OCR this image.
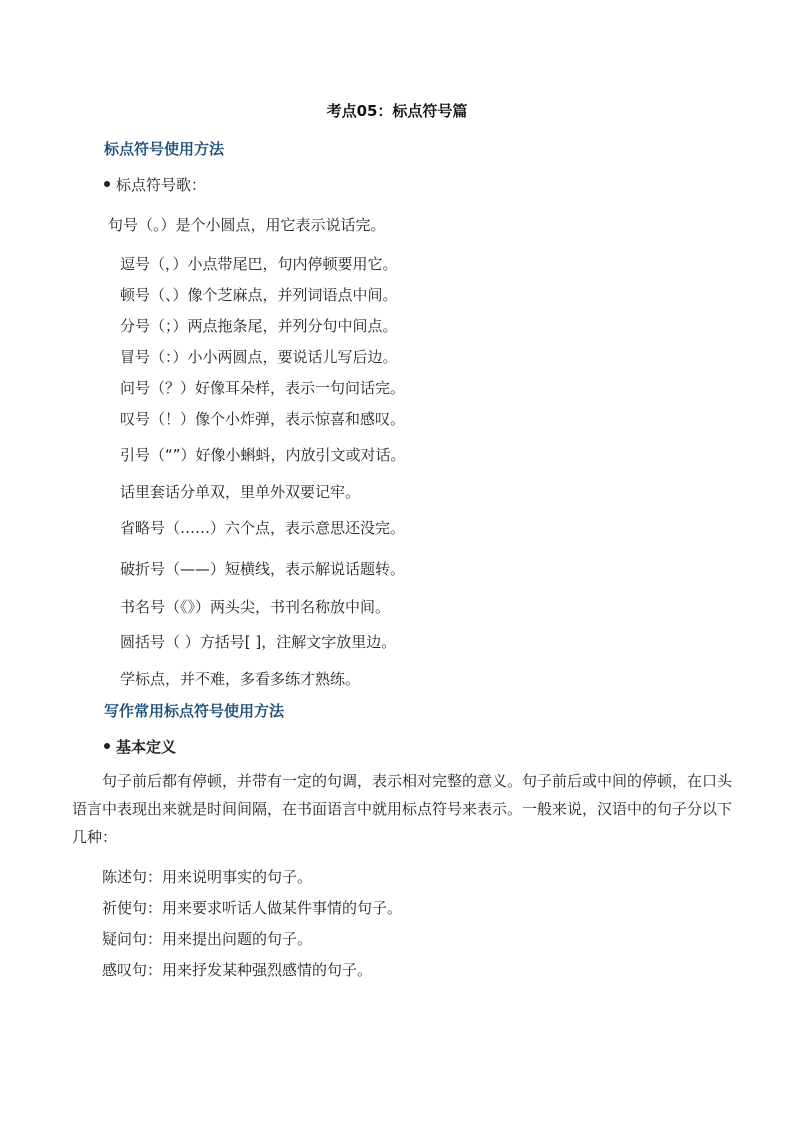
考点05：标点符号篇
标点符号使用方法
标点符号歌：
句号（。）是个小圆点，用它表示说话完。
逗号（，）小点带尾巴，句内停顿要用它。
顿号（、）像个芝麻点，并列词语点中间。
分号（；）两点拖条尾，并列分句中间点。
冒号（：）小小两圆点，要说话儿写后边。
问号（？）好像耳朵样，表示一句问话完。
叹号（！）像个小炸弹，表示惊喜和感叹。
引号（“”）好像小蝌蚪，内放引文或对话。
话里套话分单双，里单外双要记牢。
省略号（……）六个点，表示意思还没完。
破折号（——）短横线，表示解说话题转。
书名号（《》）两头尖，书刊名称放中间。
圆括号（ ）方括号[ ]，注解文字放里边。
学标点，并不难，多看多练才熟练。
写作常用标点符号使用方法
基本定义
句子前后都有停顿，并带有一定的句调，表示相对完整的意义。句子前后或中间的停顿，在口头语言中表现出来就是时间间隔，在书面语言中就用标点符号来表示。一般来说，汉语中的句子分以下几种：
陈述句：用来说明事实的句子。
祈使句：用来要求听话人做某件事情的句子。
疑问句：用来提出问题的句子。
感叹句：用来抒发某种强烈感情的句子。
